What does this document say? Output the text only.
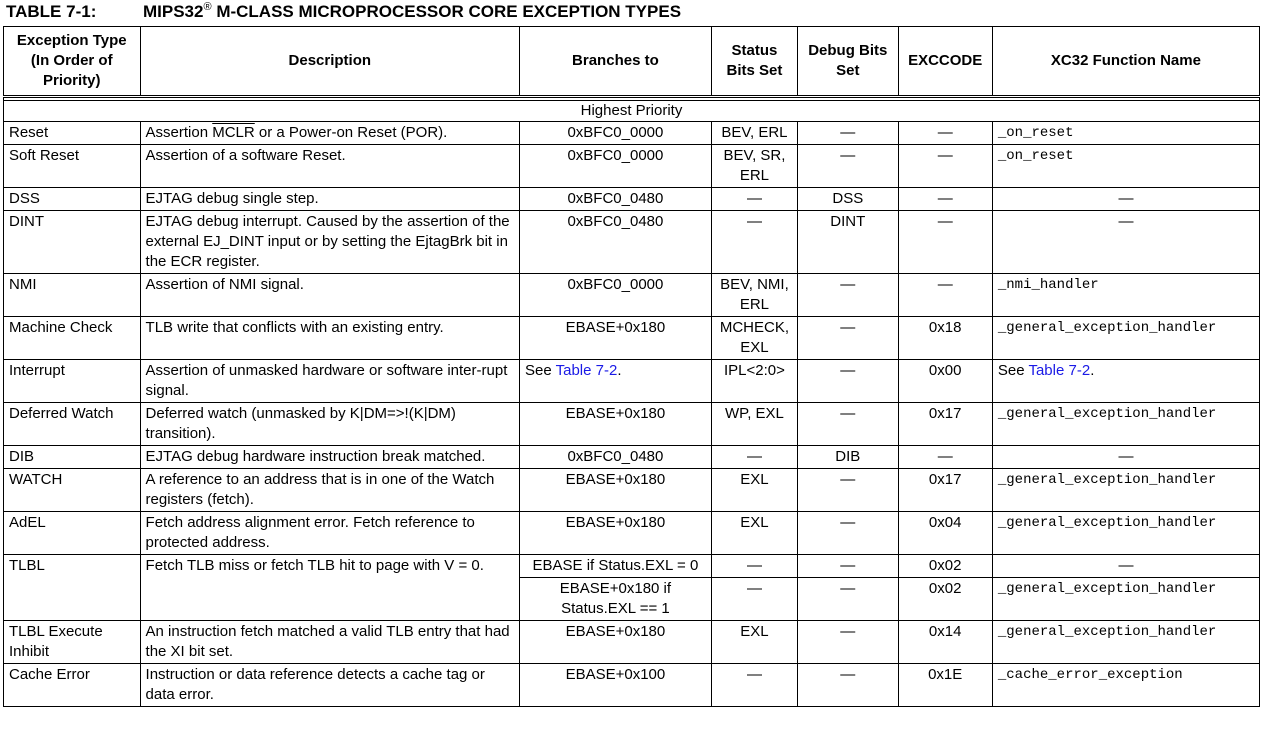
TABLE 7-1:	MIPS32® M-CLASS MICROPROCESSOR CORE EXCEPTION TYPES
Exception Type (In Order of Priority)	Description	Branches to	Status Bits Set	Debug Bits Set	EXCCODE	XC32 Function Name

Highest Priority						
Reset	Assertion MCLR or a Power-on Reset (POR).	0xBFC0_0000	BEV, ERL	—	—	_on_reset
Soft Reset	Assertion of a software Reset.	0xBFC0_0000	BEV, SR, ERL	—	—	_on_reset
DSS	EJTAG debug single step.	0xBFC0_0480	—	DSS	—	—
DINT	EJTAG debug interrupt. Caused by the assertion of the external EJ_DINT input or by setting the EjtagBrk bit in the ECR register.	0xBFC0_0480	—	DINT	—	—
NMI	Assertion of NMI signal.	0xBFC0_0000	BEV, NMI, ERL	—	—	_nmi_handler
Machine Check	TLB write that conflicts with an existing entry.	EBASE+0x180	MCHECK, EXL	—	0x18	_general_exception_handler
Interrupt	Assertion of unmasked hardware or software inter-rupt signal.	See Table 7-2.	IPL<2:0>	—	0x00	See Table 7-2.
Deferred Watch	Deferred watch (unmasked by K|DM=>!(K|DM) transition).	EBASE+0x180	WP, EXL	—	0x17	_general_exception_handler
DIB	EJTAG debug hardware instruction break matched.	0xBFC0_0480	—	DIB	—	—
WATCH	A reference to an address that is in one of the Watch registers (fetch).	EBASE+0x180	EXL	—	0x17	_general_exception_handler
AdEL	Fetch address alignment error. Fetch reference to protected address.	EBASE+0x180	EXL	—	0x04	_general_exception_handler
TLBL	Fetch TLB miss or fetch TLB hit to page with V = 0.	EBASE if Status.EXL = 0	—	—	0x02	—
		EBASE+0x180 if Status.EXL == 1	—	—	0x02	_general_exception_handler
TLBL Execute Inhibit	An instruction fetch matched a valid TLB entry that had the XI bit set.	EBASE+0x180	EXL	—	0x14	_general_exception_handler
Cache Error	Instruction or data reference detects a cache tag or data error.	EBASE+0x100	—	—	0x1E	_cache_error_exception
